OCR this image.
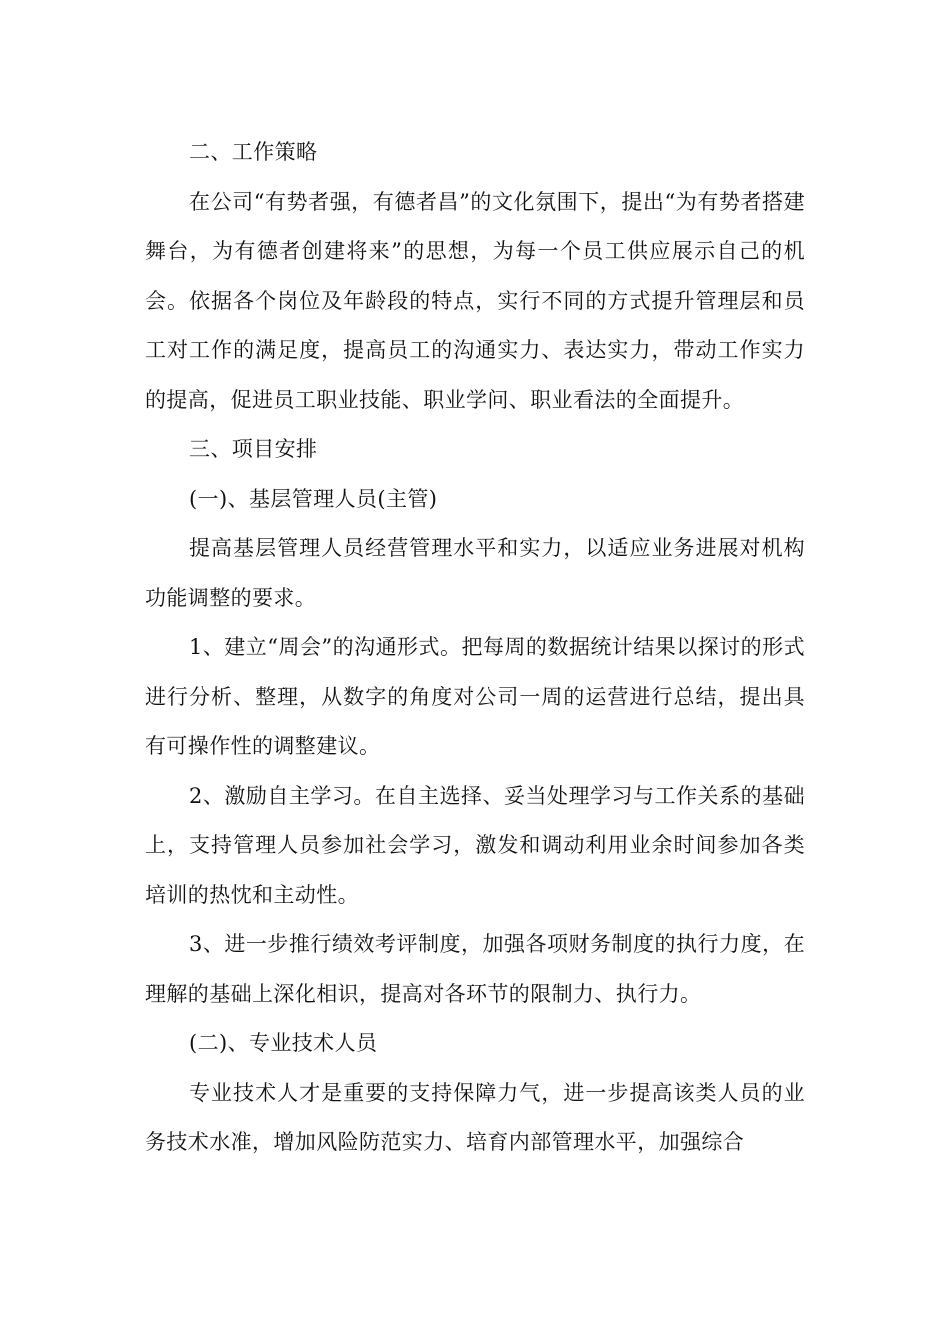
二、工作策略

在公司“有势者强，有德者昌”的文化氛围下，提出“为有势者搭建舞台，为有德者创建将来”的思想，为每一个员工供应展示自己的机会。依据各个岗位及年龄段的特点，实行不同的方式提升管理层和员工对工作的满足度，提高员工的沟通实力、表达实力，带动工作实力的提高，促进员工职业技能、职业学问、职业看法的全面提升。

三、项目安排

(一)、基层管理人员(主管)

提高基层管理人员经营管理水平和实力，以适应业务进展对机构功能调整的要求。

1、建立“周会”的沟通形式。把每周的数据统计结果以探讨的形式进行分析、整理，从数字的角度对公司一周的运营进行总结，提出具有可操作性的调整建议。

2、激励自主学习。在自主选择、妥当处理学习与工作关系的基础上，支持管理人员参加社会学习，激发和调动利用业余时间参加各类培训的热忱和主动性。

3、进一步推行绩效考评制度，加强各项财务制度的执行力度，在理解的基础上深化相识，提高对各环节的限制力、执行力。

(二)、专业技术人员

专业技术人才是重要的支持保障力气，进一步提高该类人员的业务技术水准，增加风险防范实力、培育内部管理水平，加强综合
